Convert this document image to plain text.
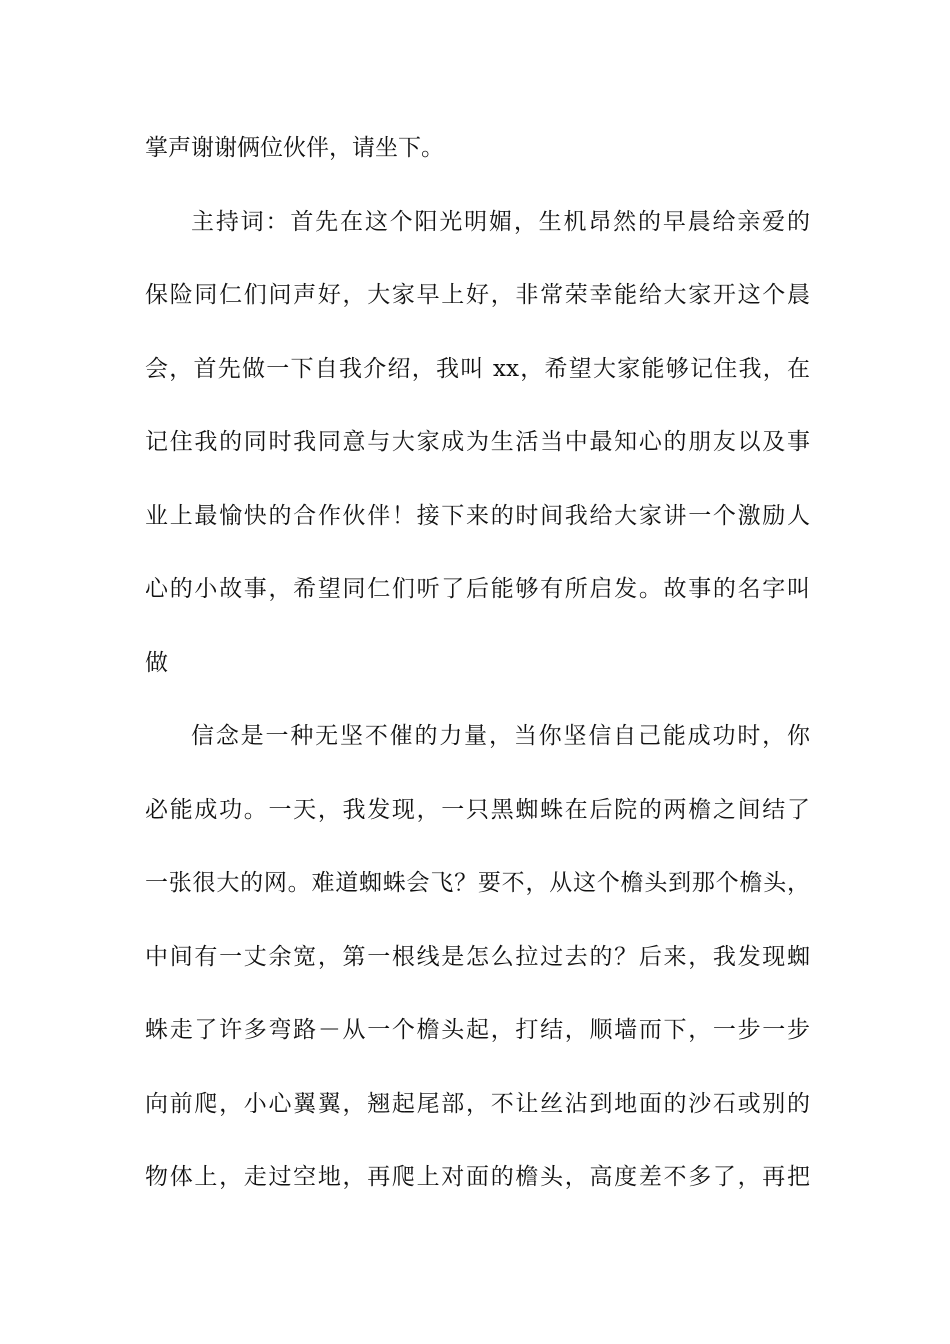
掌声谢谢俩位伙伴，请坐下。
主持词：首先在这个阳光明媚，生机昂然的早晨给亲爱的
保险同仁们问声好，大家早上好，非常荣幸能给大家开这个晨
会，首先做一下自我介绍，我叫 xx，希望大家能够记住我，在
记住我的同时我同意与大家成为生活当中最知心的朋友以及事
业上最愉快的合作伙伴！接下来的时间我给大家讲一个激励人
心的小故事，希望同仁们听了后能够有所启发。故事的名字叫
做
信念是一种无坚不催的力量，当你坚信自己能成功时，你
必能成功。一天，我发现，一只黑蜘蛛在后院的两檐之间结了
一张很大的网。难道蜘蛛会飞？要不，从这个檐头到那个檐头，
中间有一丈余宽，第一根线是怎么拉过去的？后来，我发现蜘
蛛走了许多弯路－从一个檐头起，打结，顺墙而下，一步一步
向前爬，小心翼翼，翘起尾部，不让丝沾到地面的沙石或别的
物体上，走过空地，再爬上对面的檐头，高度差不多了，再把
